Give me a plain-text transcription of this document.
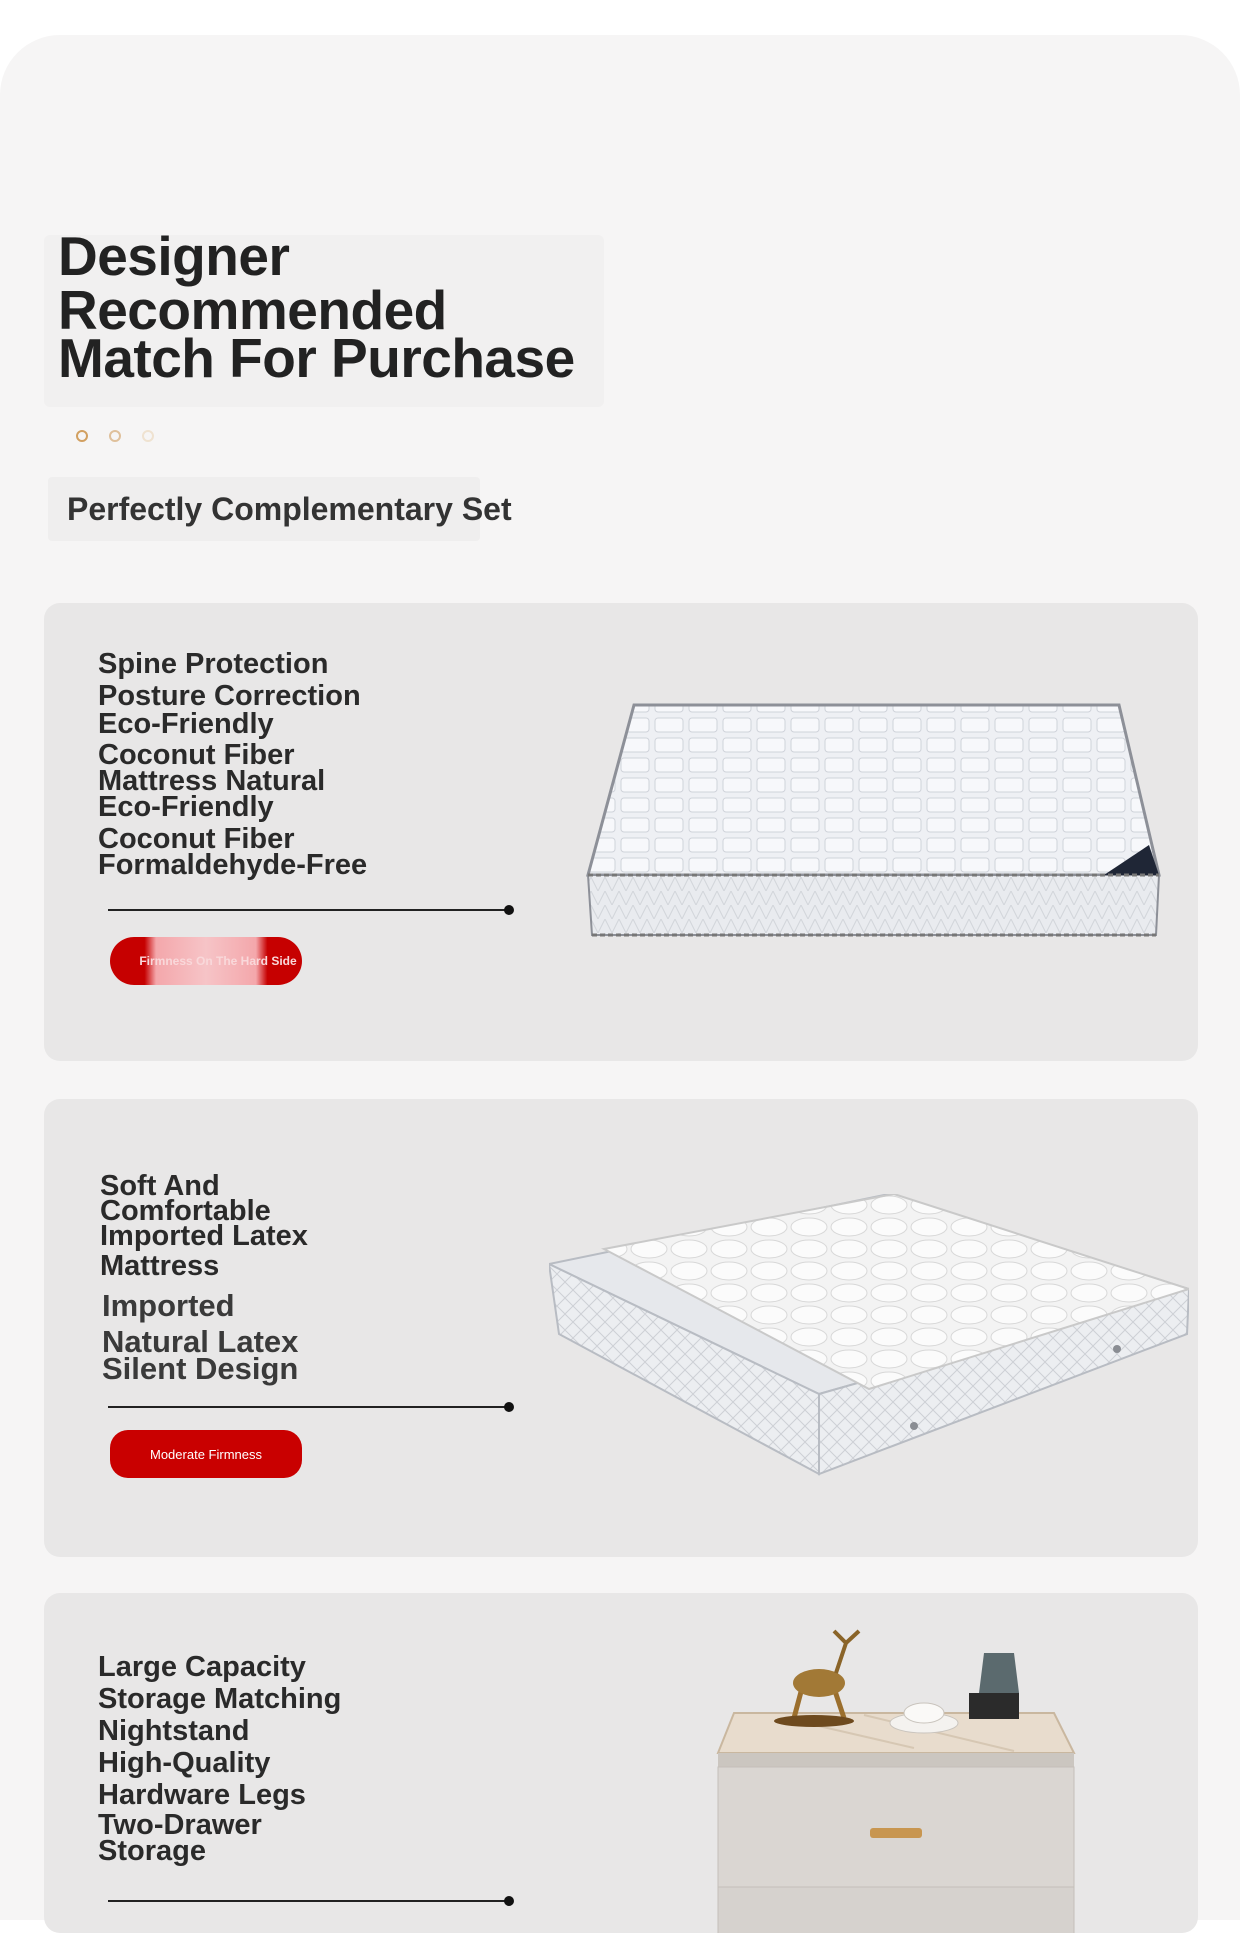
Designer
Recommended
Match For Purchase
Perfectly Complementary Set
Spine Protection
Posture Correction
Eco-Friendly
Coconut Fiber
Mattress Natural
Eco-Friendly
Coconut Fiber
Formaldehyde-Free
Firmness On The Hard Side
Soft And
Comfortable
Imported Latex
Mattress
Imported
Natural Latex
Silent Design
Moderate Firmness
Large Capacity
Storage Matching
Nightstand
High-Quality
Hardware Legs
Two-Drawer
Storage
